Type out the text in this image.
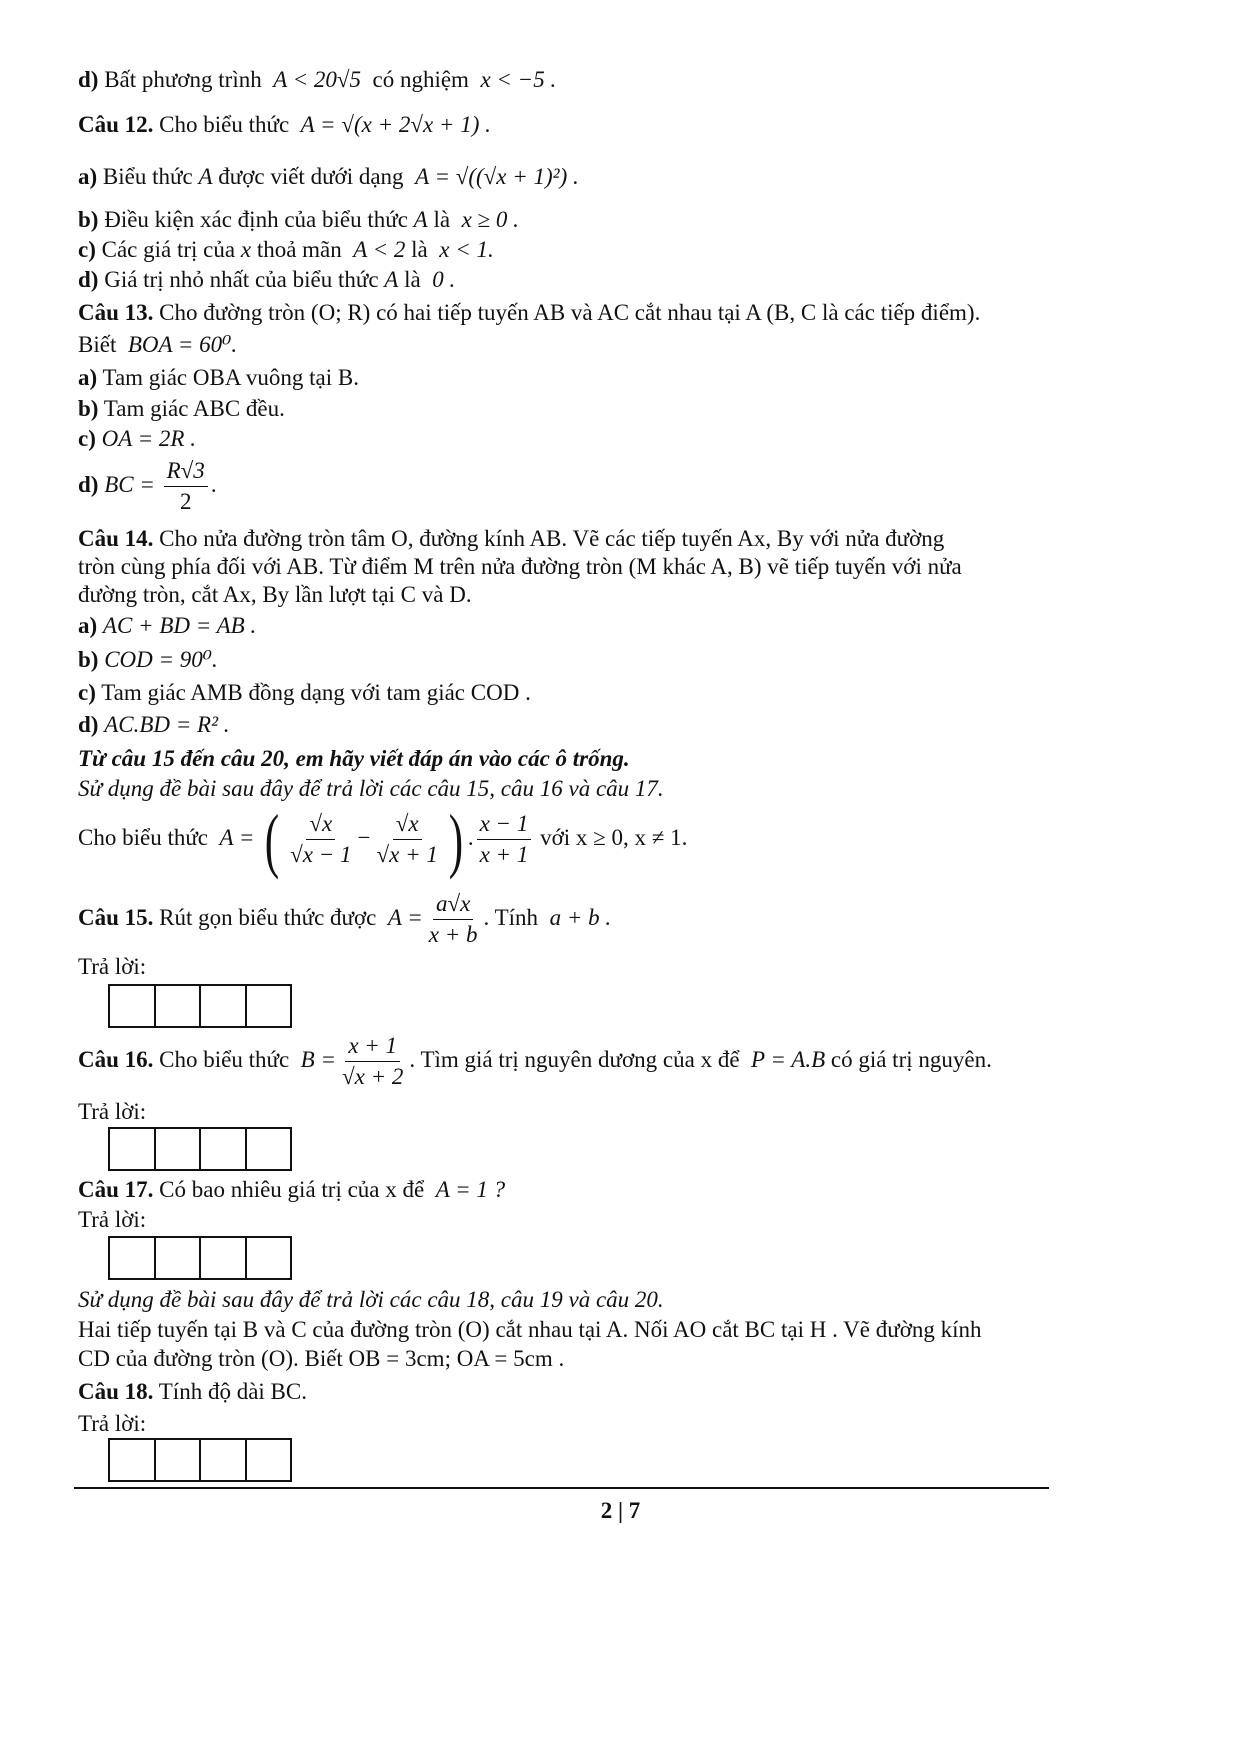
d) Bất phương trình A < 20√5 có nghiệm x < −5 .
Câu 12. Cho biểu thức A = √(x + 2√x + 1) .
a) Biểu thức A được viết dưới dạng A = √((√x + 1)²) .
b) Điều kiện xác định của biểu thức A là x ≥ 0 .
c) Các giá trị của x thoả mãn A < 2 là x < 1.
d) Giá trị nhỏ nhất của biểu thức A là 0 .
Câu 13. Cho đường tròn (O; R) có hai tiếp tuyến AB và AC cắt nhau tại A (B, C là các tiếp điểm).
Biết BOA = 60⁰.
a) Tam giác OBA vuông tại B.
b) Tam giác ABC đều.
c) OA = 2R .
d) BC = $\frac{R√3}{2}$ .
Câu 14. Cho nửa đường tròn tâm O, đường kính AB. Vẽ các tiếp tuyến Ax, By với nửa đường
tròn cùng phía đối với AB. Từ điểm M trên nửa đường tròn (M khác A, B) vẽ tiếp tuyến với nửa
đường tròn, cắt Ax, By lần lượt tại C và D.
a) AC + BD = AB .
b) COD = 90⁰.
c) Tam giác AMB đồng dạng với tam giác COD .
d) AC.BD = R² .
Từ câu 15 đến câu 20, em hãy viết đáp án vào các ô trống.
Sử dụng đề bài sau đây để trả lời các câu 15, câu 16 và câu 17.
Cho biểu thức A = ( $\frac{√x}{√x - 1} - \frac{√x}{√x + 1}$ ) . $\frac{x - 1}{x + 1}$ với x ≥ 0, x ≠ 1.
Câu 15. Rút gọn biểu thức được $A = \frac{a√x}{x + b}$ . Tính a + b .
Trả lời:
Câu 16. Cho biểu thức $B = \frac{x + 1}{√x + 2}$ . Tìm giá trị nguyên dương của x để P = A.B có giá trị nguyên.
Trả lời:
Câu 17. Có bao nhiêu giá trị của x để A = 1 ?
Trả lời:
Sử dụng đề bài sau đây để trả lời các câu 18, câu 19 và câu 20.
Hai tiếp tuyến tại B và C của đường tròn (O) cắt nhau tại A. Nối AO cắt BC tại H . Vẽ đường kính
CD của đường tròn (O). Biết OB = 3cm; OA = 5cm .
Câu 18. Tính độ dài BC.
Trả lời:
2 | 7
